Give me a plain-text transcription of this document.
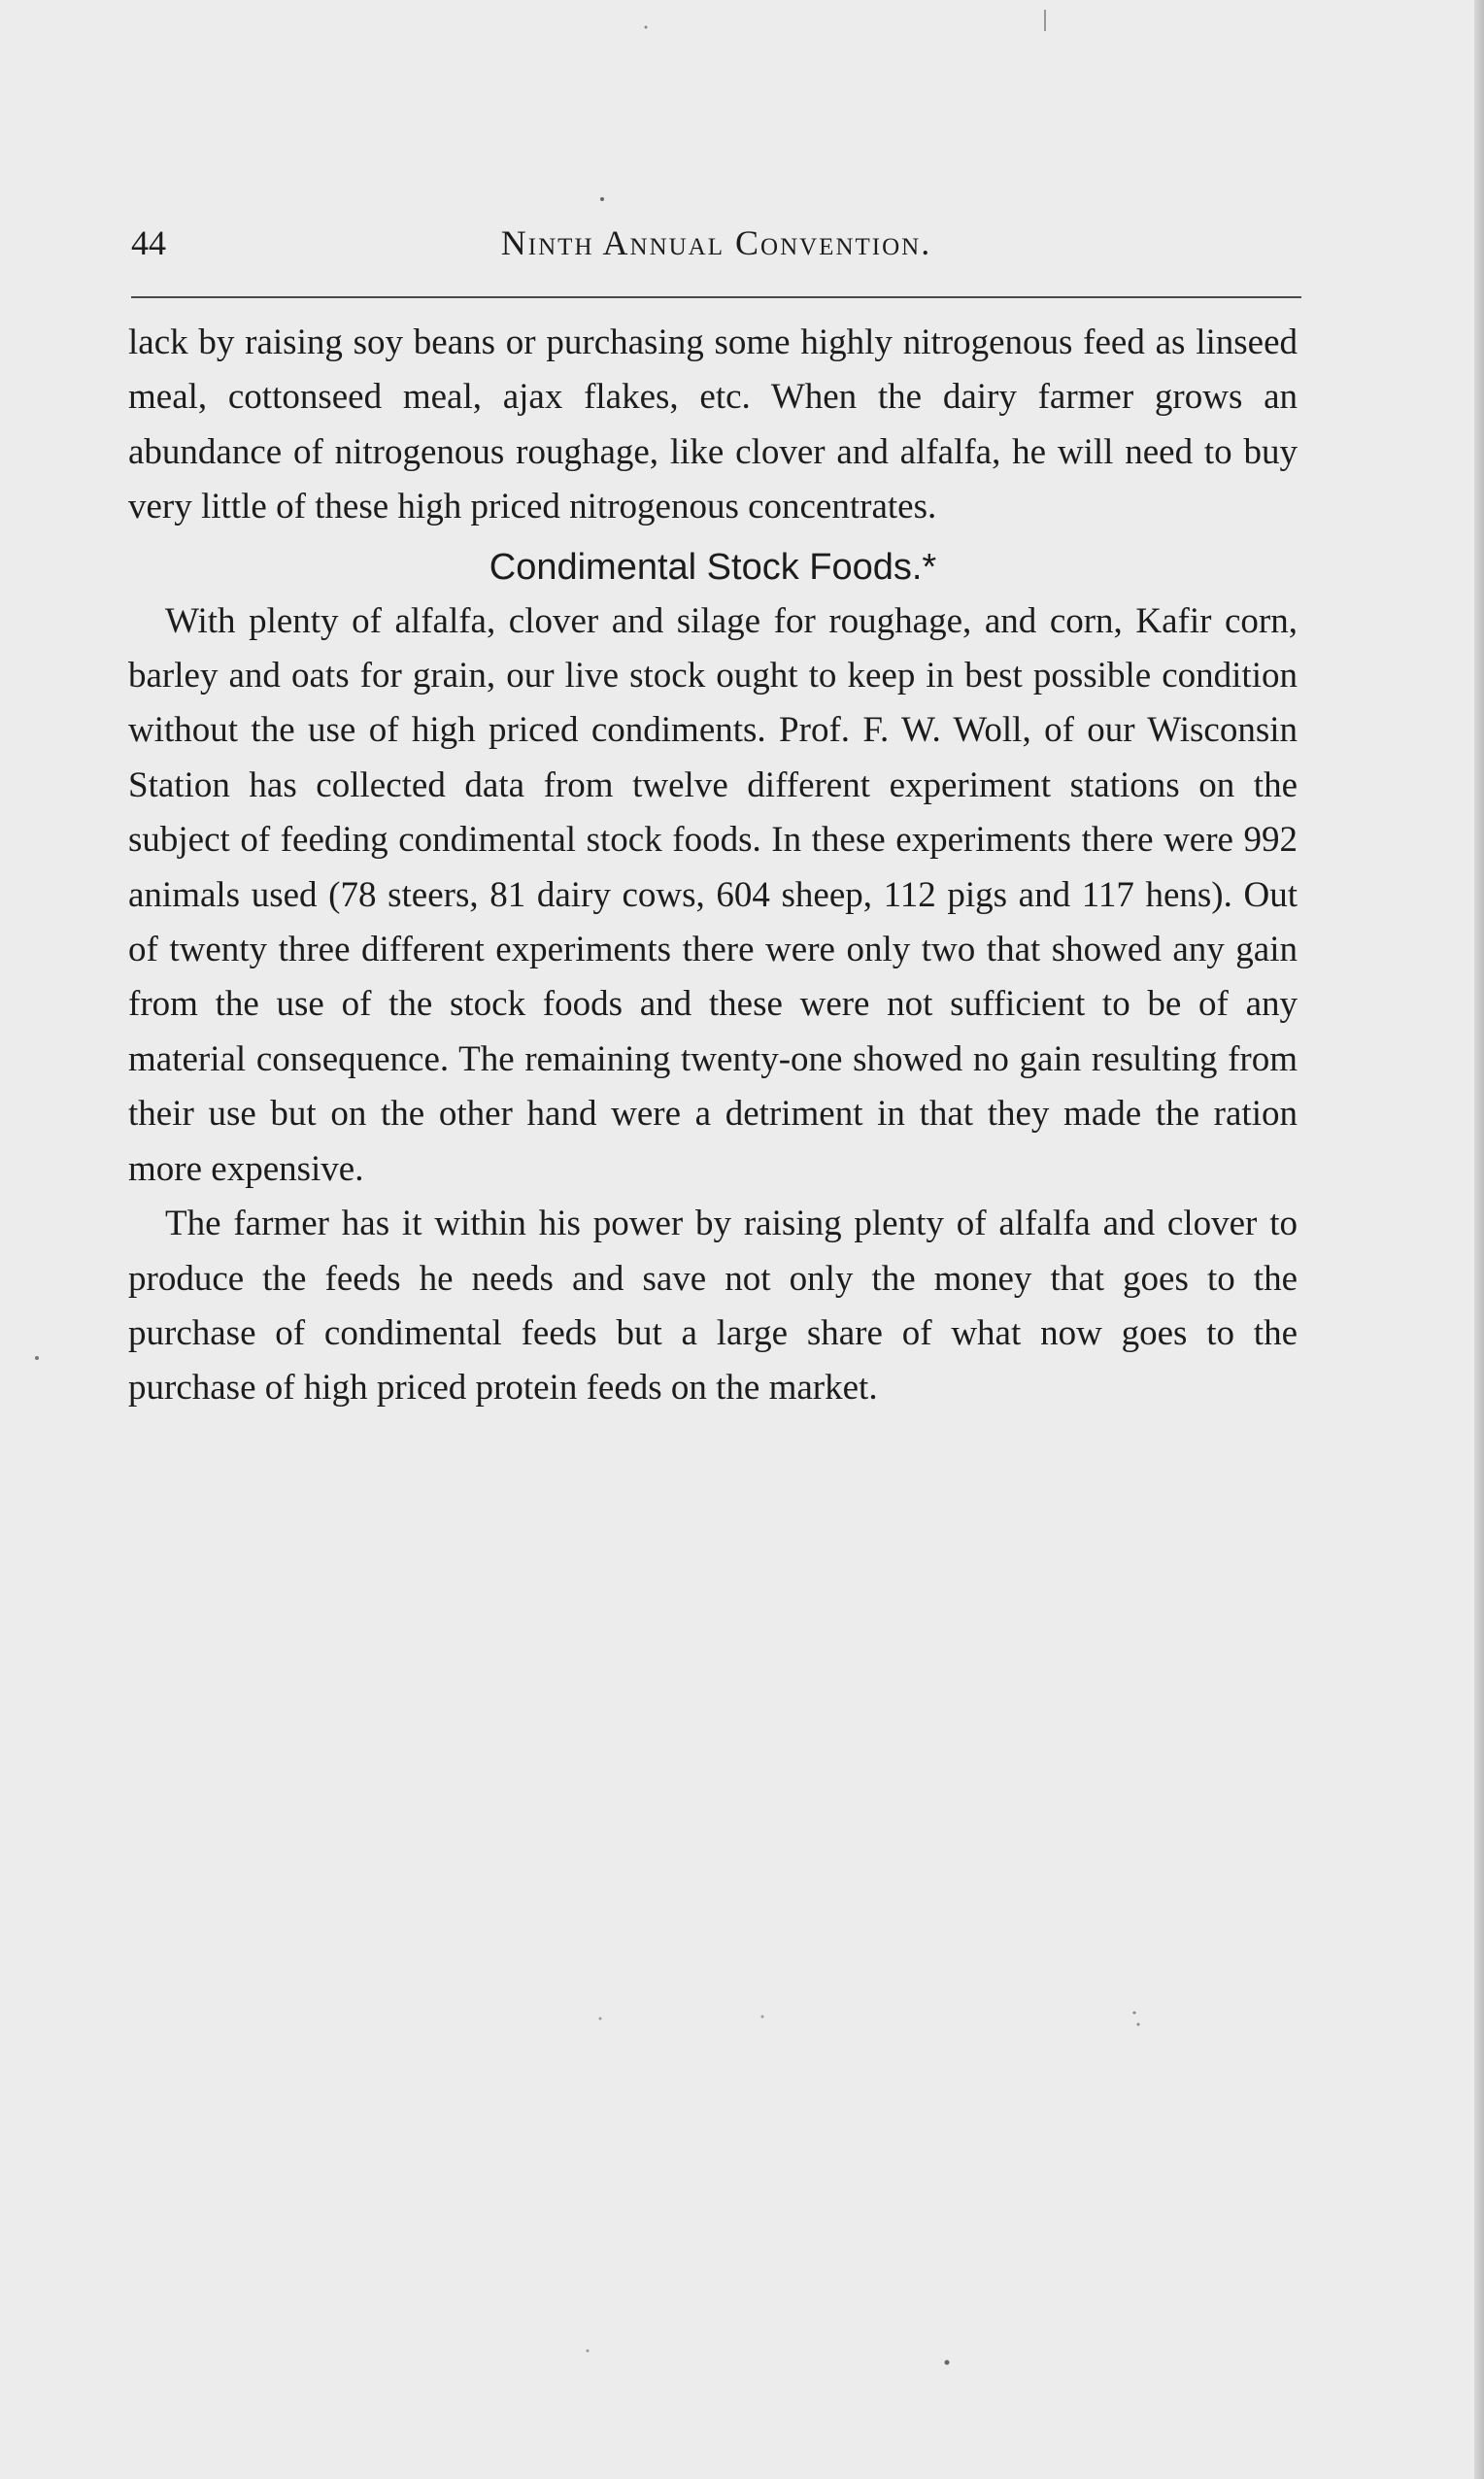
44	Ninth Annual Convention.

lack by raising soy beans or purchasing some highly nitrogenous feed as linseed meal, cottonseed meal, ajax flakes, etc. When the dairy farmer grows an abundance of nitrogenous roughage, like clover and alfalfa, he will need to buy very little of these high priced nitrogenous concentrates.

Condimental Stock Foods.*

With plenty of alfalfa, clover and silage for roughage, and corn, Kafir corn, barley and oats for grain, our live stock ought to keep in best possible condition without the use of high priced condiments. Prof. F. W. Woll, of our Wisconsin Station has collected data from twelve different experiment stations on the subject of feeding condimental stock foods. In these experiments there were 992 animals used (78 steers, 81 dairy cows, 604 sheep, 112 pigs and 117 hens). Out of twenty three different experiments there were only two that showed any gain from the use of the stock foods and these were not sufficient to be of any material consequence. The remaining twenty-one showed no gain resulting from their use but on the other hand were a detriment in that they made the ration more expensive.

The farmer has it within his power by raising plenty of alfalfa and clover to produce the feeds he needs and save not only the money that goes to the purchase of condimental feeds but a large share of what now goes to the purchase of high priced protein feeds on the market.
